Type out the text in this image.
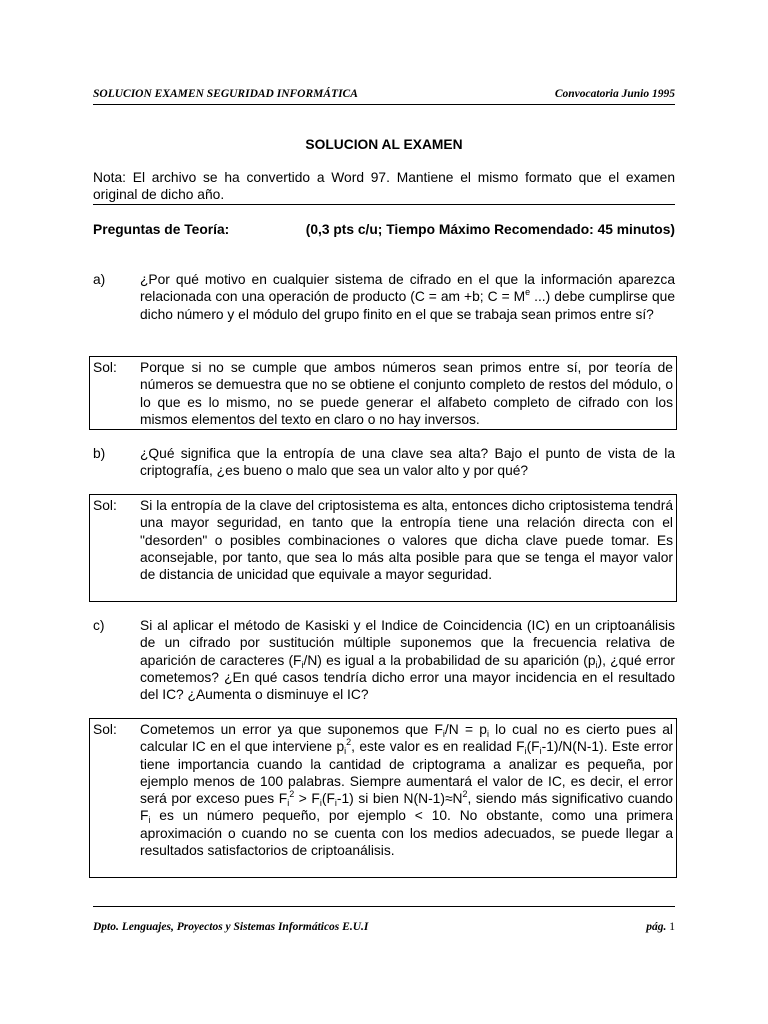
SOLUCION EXAMEN SEGURIDAD INFORMÁTICA	Convocatoria Junio 1995
SOLUCION AL EXAMEN
Nota: El archivo se ha convertido a Word 97. Mantiene el mismo formato que el examen original de dicho año.
Preguntas de Teoría:	(0,3 pts c/u; Tiempo Máximo Recomendado: 45 minutos)
a)	¿Por qué motivo en cualquier sistema de cifrado en el que la información aparezca relacionada con una operación de producto (C = am +b; $C = M^e$ ...) debe cumplirse que dicho número y el módulo del grupo finito en el que se trabaja sean primos entre sí?
Sol: Porque si no se cumple que ambos números sean primos entre sí, por teoría de números se demuestra que no se obtiene el conjunto completo de restos del módulo, o lo que es lo mismo, no se puede generar el alfabeto completo de cifrado con los mismos elementos del texto en claro o no hay inversos.
b)	¿Qué significa que la entropía de una clave sea alta? Bajo el punto de vista de la criptografía, ¿es bueno o malo que sea un valor alto y por qué?
Sol: Si la entropía de la clave del criptosistema es alta, entonces dicho criptosistema tendrá una mayor seguridad, en tanto que la entropía tiene una relación directa con el "desorden" o posibles combinaciones o valores que dicha clave puede tomar. Es aconsejable, por tanto, que sea lo más alta posible para que se tenga el mayor valor de distancia de unicidad que equivale a mayor seguridad.
c)	Si al aplicar el método de Kasiski y el Indice de Coincidencia (IC) en un criptoanálisis de un cifrado por sustitución múltiple suponemos que la frecuencia relativa de aparición de caracteres $(F_i/N)$ es igual a la probabilidad de su aparición $(p_i)$, ¿qué error cometemos? ¿En qué casos tendría dicho error una mayor incidencia en el resultado del IC? ¿Aumenta o disminuye el IC?
Sol: Cometemos un error ya que suponemos que $F_i/N = p_i$ lo cual no es cierto pues al calcular IC en el que interviene $p_i^2$, este valor es en realidad $F_i(F_i-1)/N(N-1)$. Este error tiene importancia cuando la cantidad de criptograma a analizar es pequeña, por ejemplo menos de 100 palabras. Siempre aumentará el valor de IC, es decir, el error será por exceso pues $F_i^2 > F_i(F_i-1)$ si bien $N(N-1)\approx N^2$, siendo más significativo cuando $F_i$ es un número pequeño, por ejemplo < 10. No obstante, como una primera aproximación o cuando no se cuenta con los medios adecuados, se puede llegar a resultados satisfactorios de criptoanálisis.
Dpto. Lenguajes, Proyectos y Sistemas Informáticos E.U.I	pág. 1
